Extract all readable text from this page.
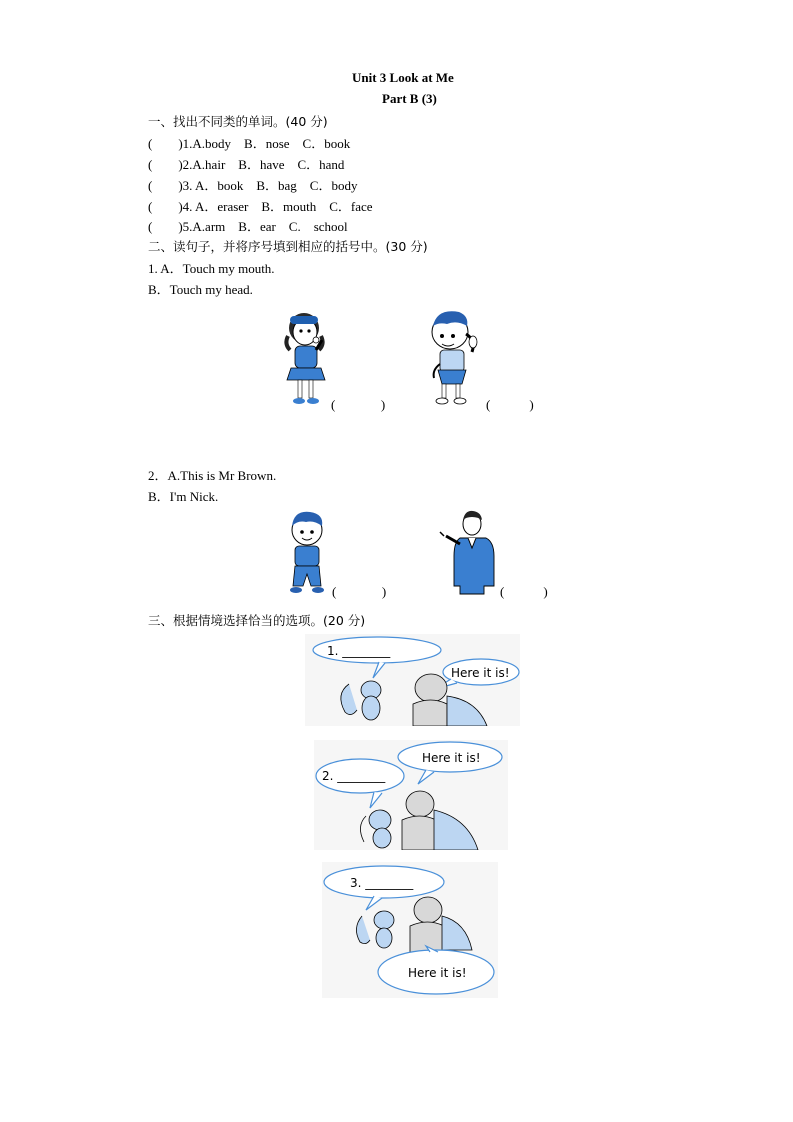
Unit 3 Look at Me
Part B (3)
一、找出不同类的单词。(40 分)
(        )1.A.body    B．nose    C．book
(        )2.A.hair    B．have    C．hand
(        )3. A．book    B．bag    C．body
(        )4. A．eraser    B．mouth    C．face
(        )5.A.arm    B．ear    C.    school
二、读句子，并将序号填到相应的括号中。(30 分)
1. A．Touch my mouth.
B．Touch my head.
(              )	(            )
2．A.This is Mr Brown.
B．I'm Nick.
(              )	(            )
三、根据情境选择恰当的选项。(20 分)
1. ________
Here it is!
Here it is!
2. ________
3. ________
Here it is!
